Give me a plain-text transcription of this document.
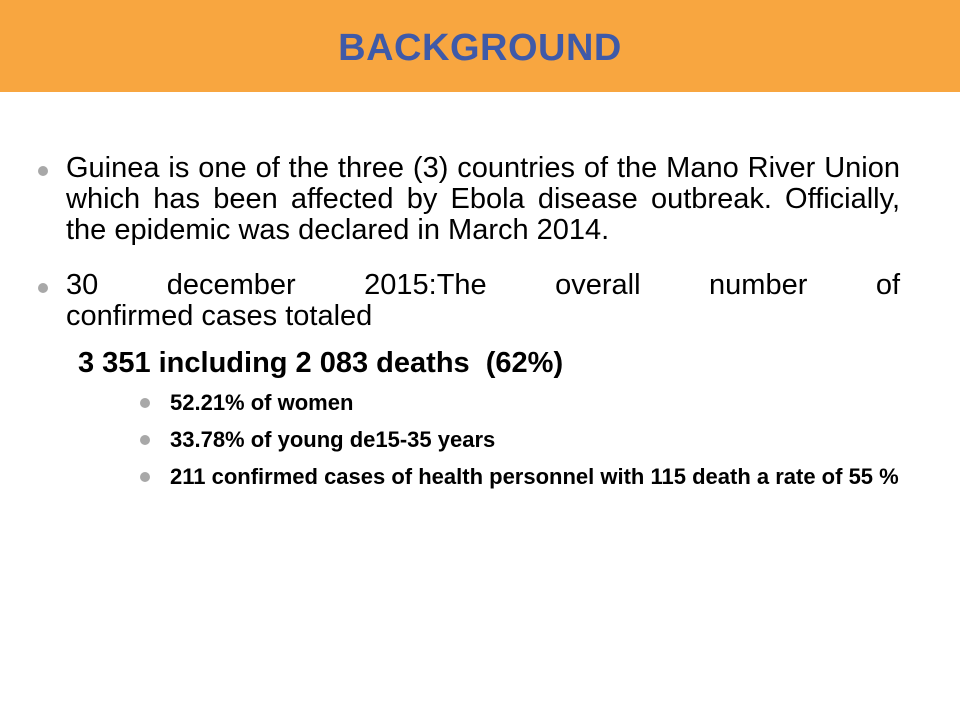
BACKGROUND
Guinea is one of the three (3) countries of the Mano River Union which has been affected by Ebola disease outbreak. Officially, the epidemic was declared in March 2014.
30 december 2015:The overall number of
confirmed cases totaled
3 351 including 2 083 deaths  (62%)
52.21% of women
33.78% of young de15-35 years
211 confirmed cases of health personnel with 115 death a rate of 55 %
